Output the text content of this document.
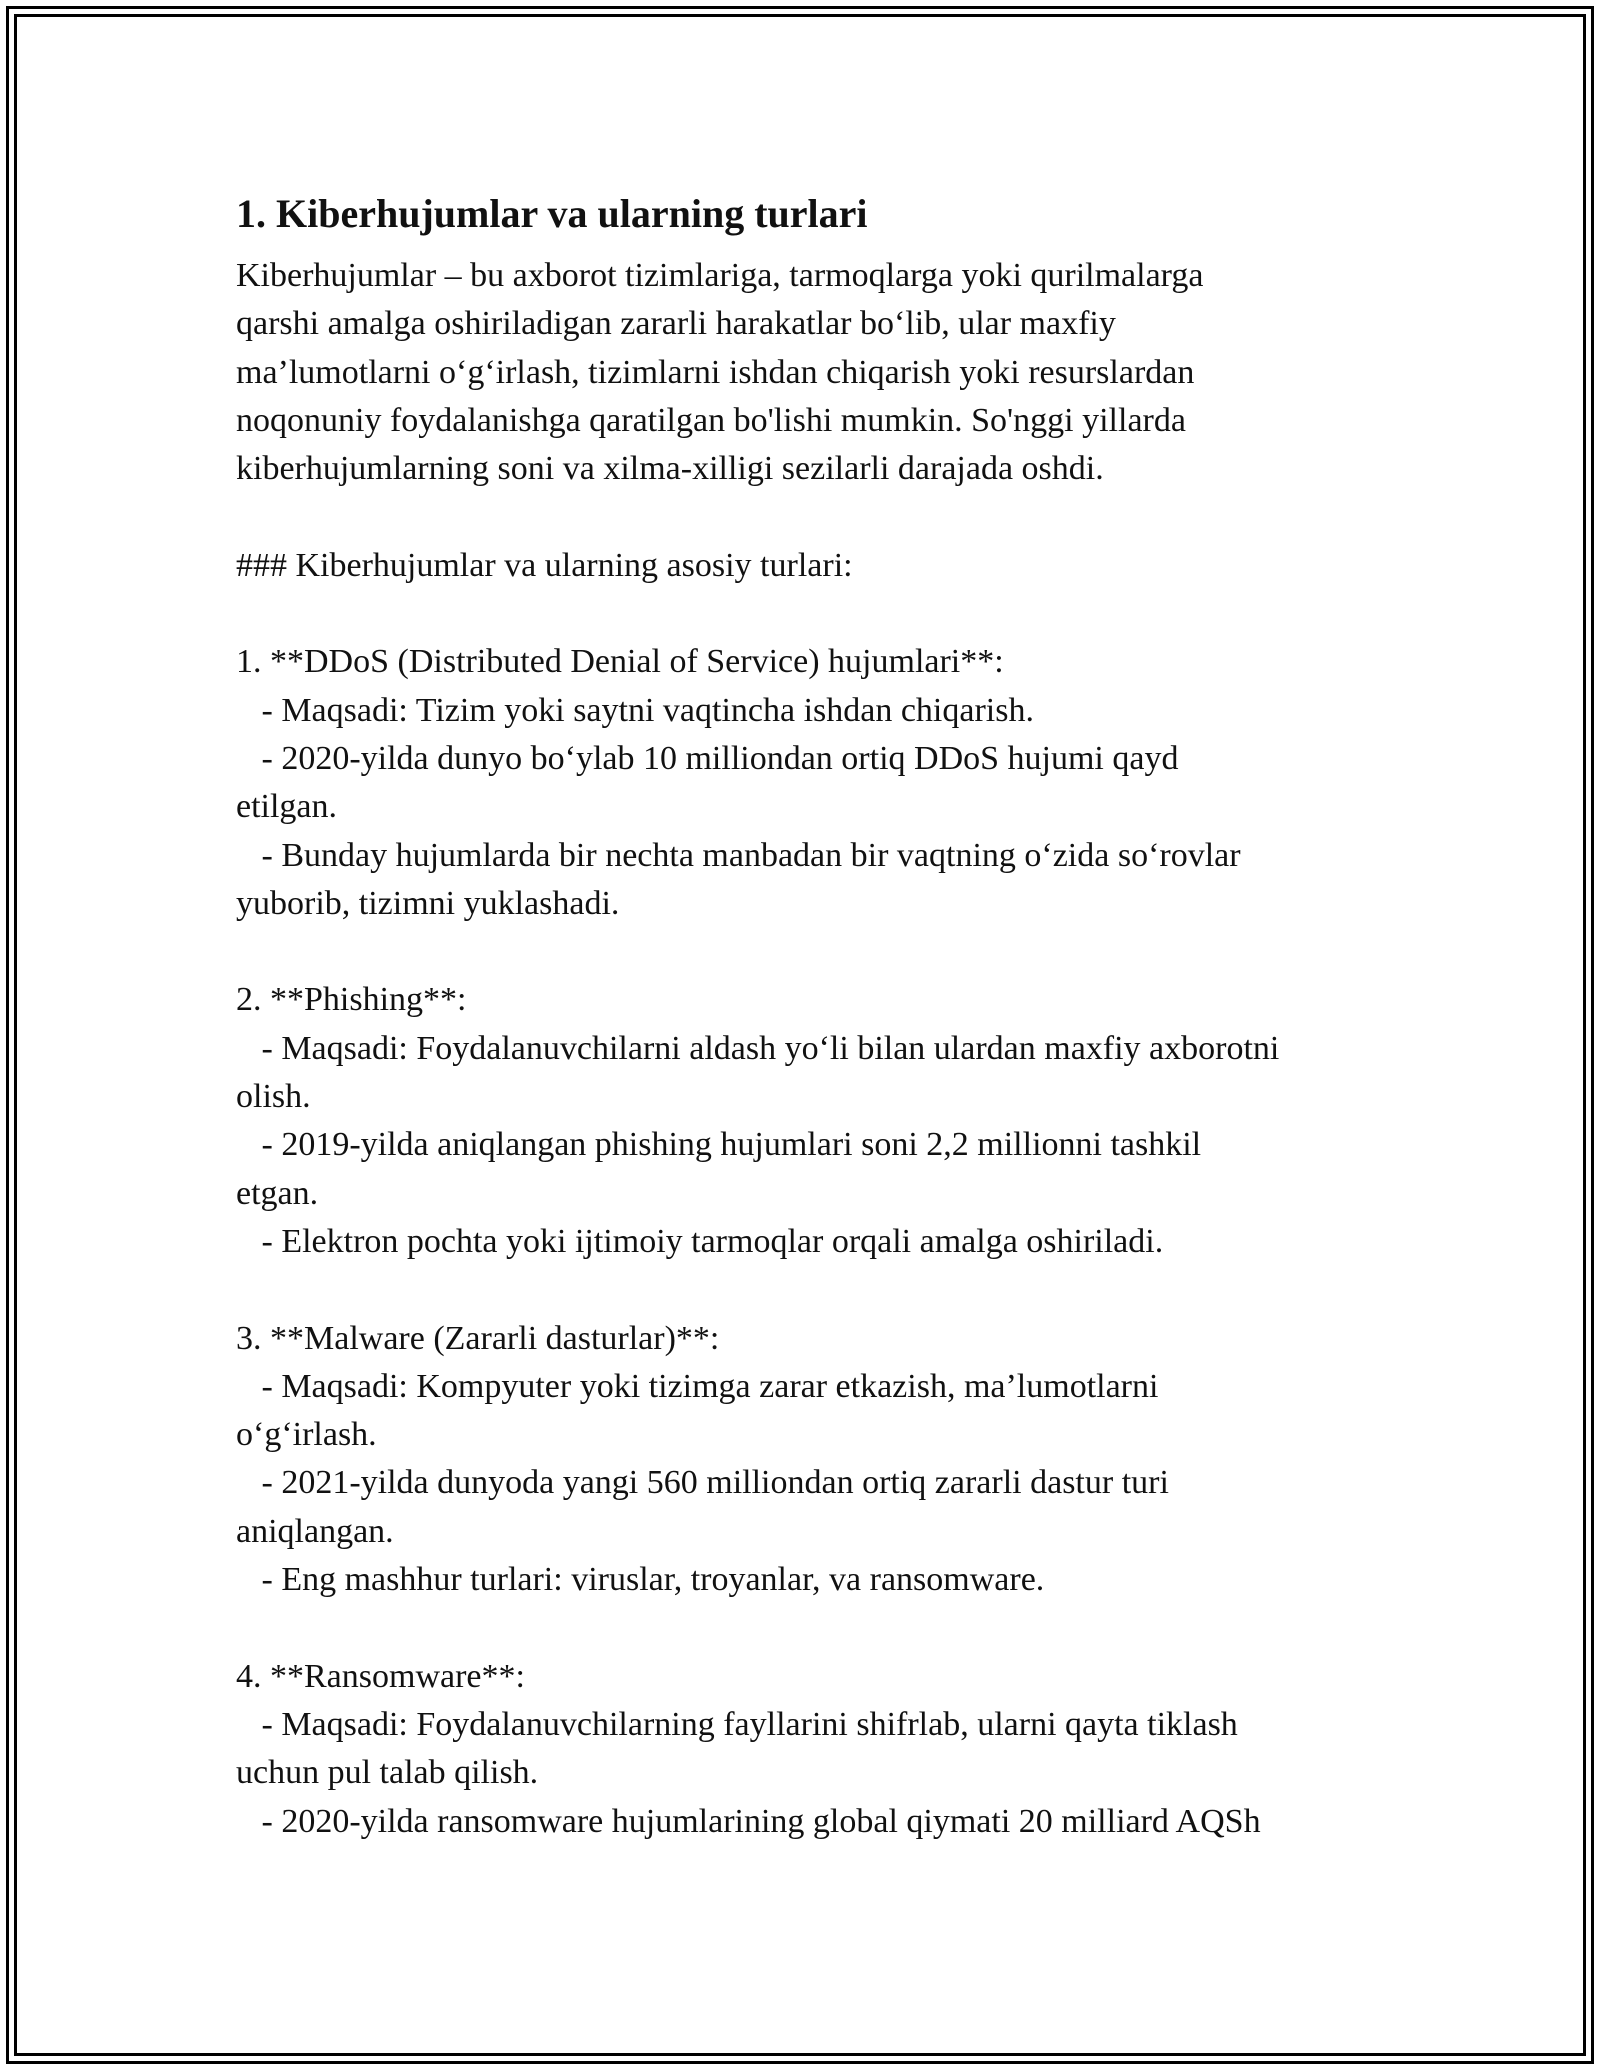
1. Kiberhujumlar va ularning turlari
Kiberhujumlar – bu axborot tizimlariga, tarmoqlarga yoki qurilmalarga
qarshi amalga oshiriladigan zararli harakatlar bo‘lib, ular maxfiy
ma’lumotlarni o‘g‘irlash, tizimlarni ishdan chiqarish yoki resurslardan
noqonuniy foydalanishga qaratilgan bo'lishi mumkin. So'nggi yillarda
kiberhujumlarning soni va xilma-xilligi sezilarli darajada oshdi.
### Kiberhujumlar va ularning asosiy turlari:
1. **DDoS (Distributed Denial of Service) hujumlari**:
- Maqsadi: Tizim yoki saytni vaqtincha ishdan chiqarish.
- 2020-yilda dunyo bo‘ylab 10 milliondan ortiq DDoS hujumi qayd
etilgan.
- Bunday hujumlarda bir nechta manbadan bir vaqtning o‘zida so‘rovlar
yuborib, tizimni yuklashadi.
2. **Phishing**:
- Maqsadi: Foydalanuvchilarni aldash yo‘li bilan ulardan maxfiy axborotni
olish.
- 2019-yilda aniqlangan phishing hujumlari soni 2,2 millionni tashkil
etgan.
- Elektron pochta yoki ijtimoiy tarmoqlar orqali amalga oshiriladi.
3. **Malware (Zararli dasturlar)**:
- Maqsadi: Kompyuter yoki tizimga zarar etkazish, ma’lumotlarni
o‘g‘irlash.
- 2021-yilda dunyoda yangi 560 milliondan ortiq zararli dastur turi
aniqlangan.
- Eng mashhur turlari: viruslar, troyanlar, va ransomware.
4. **Ransomware**:
- Maqsadi: Foydalanuvchilarning fayllarini shifrlab, ularni qayta tiklash
uchun pul talab qilish.
- 2020-yilda ransomware hujumlarining global qiymati 20 milliard AQSh
